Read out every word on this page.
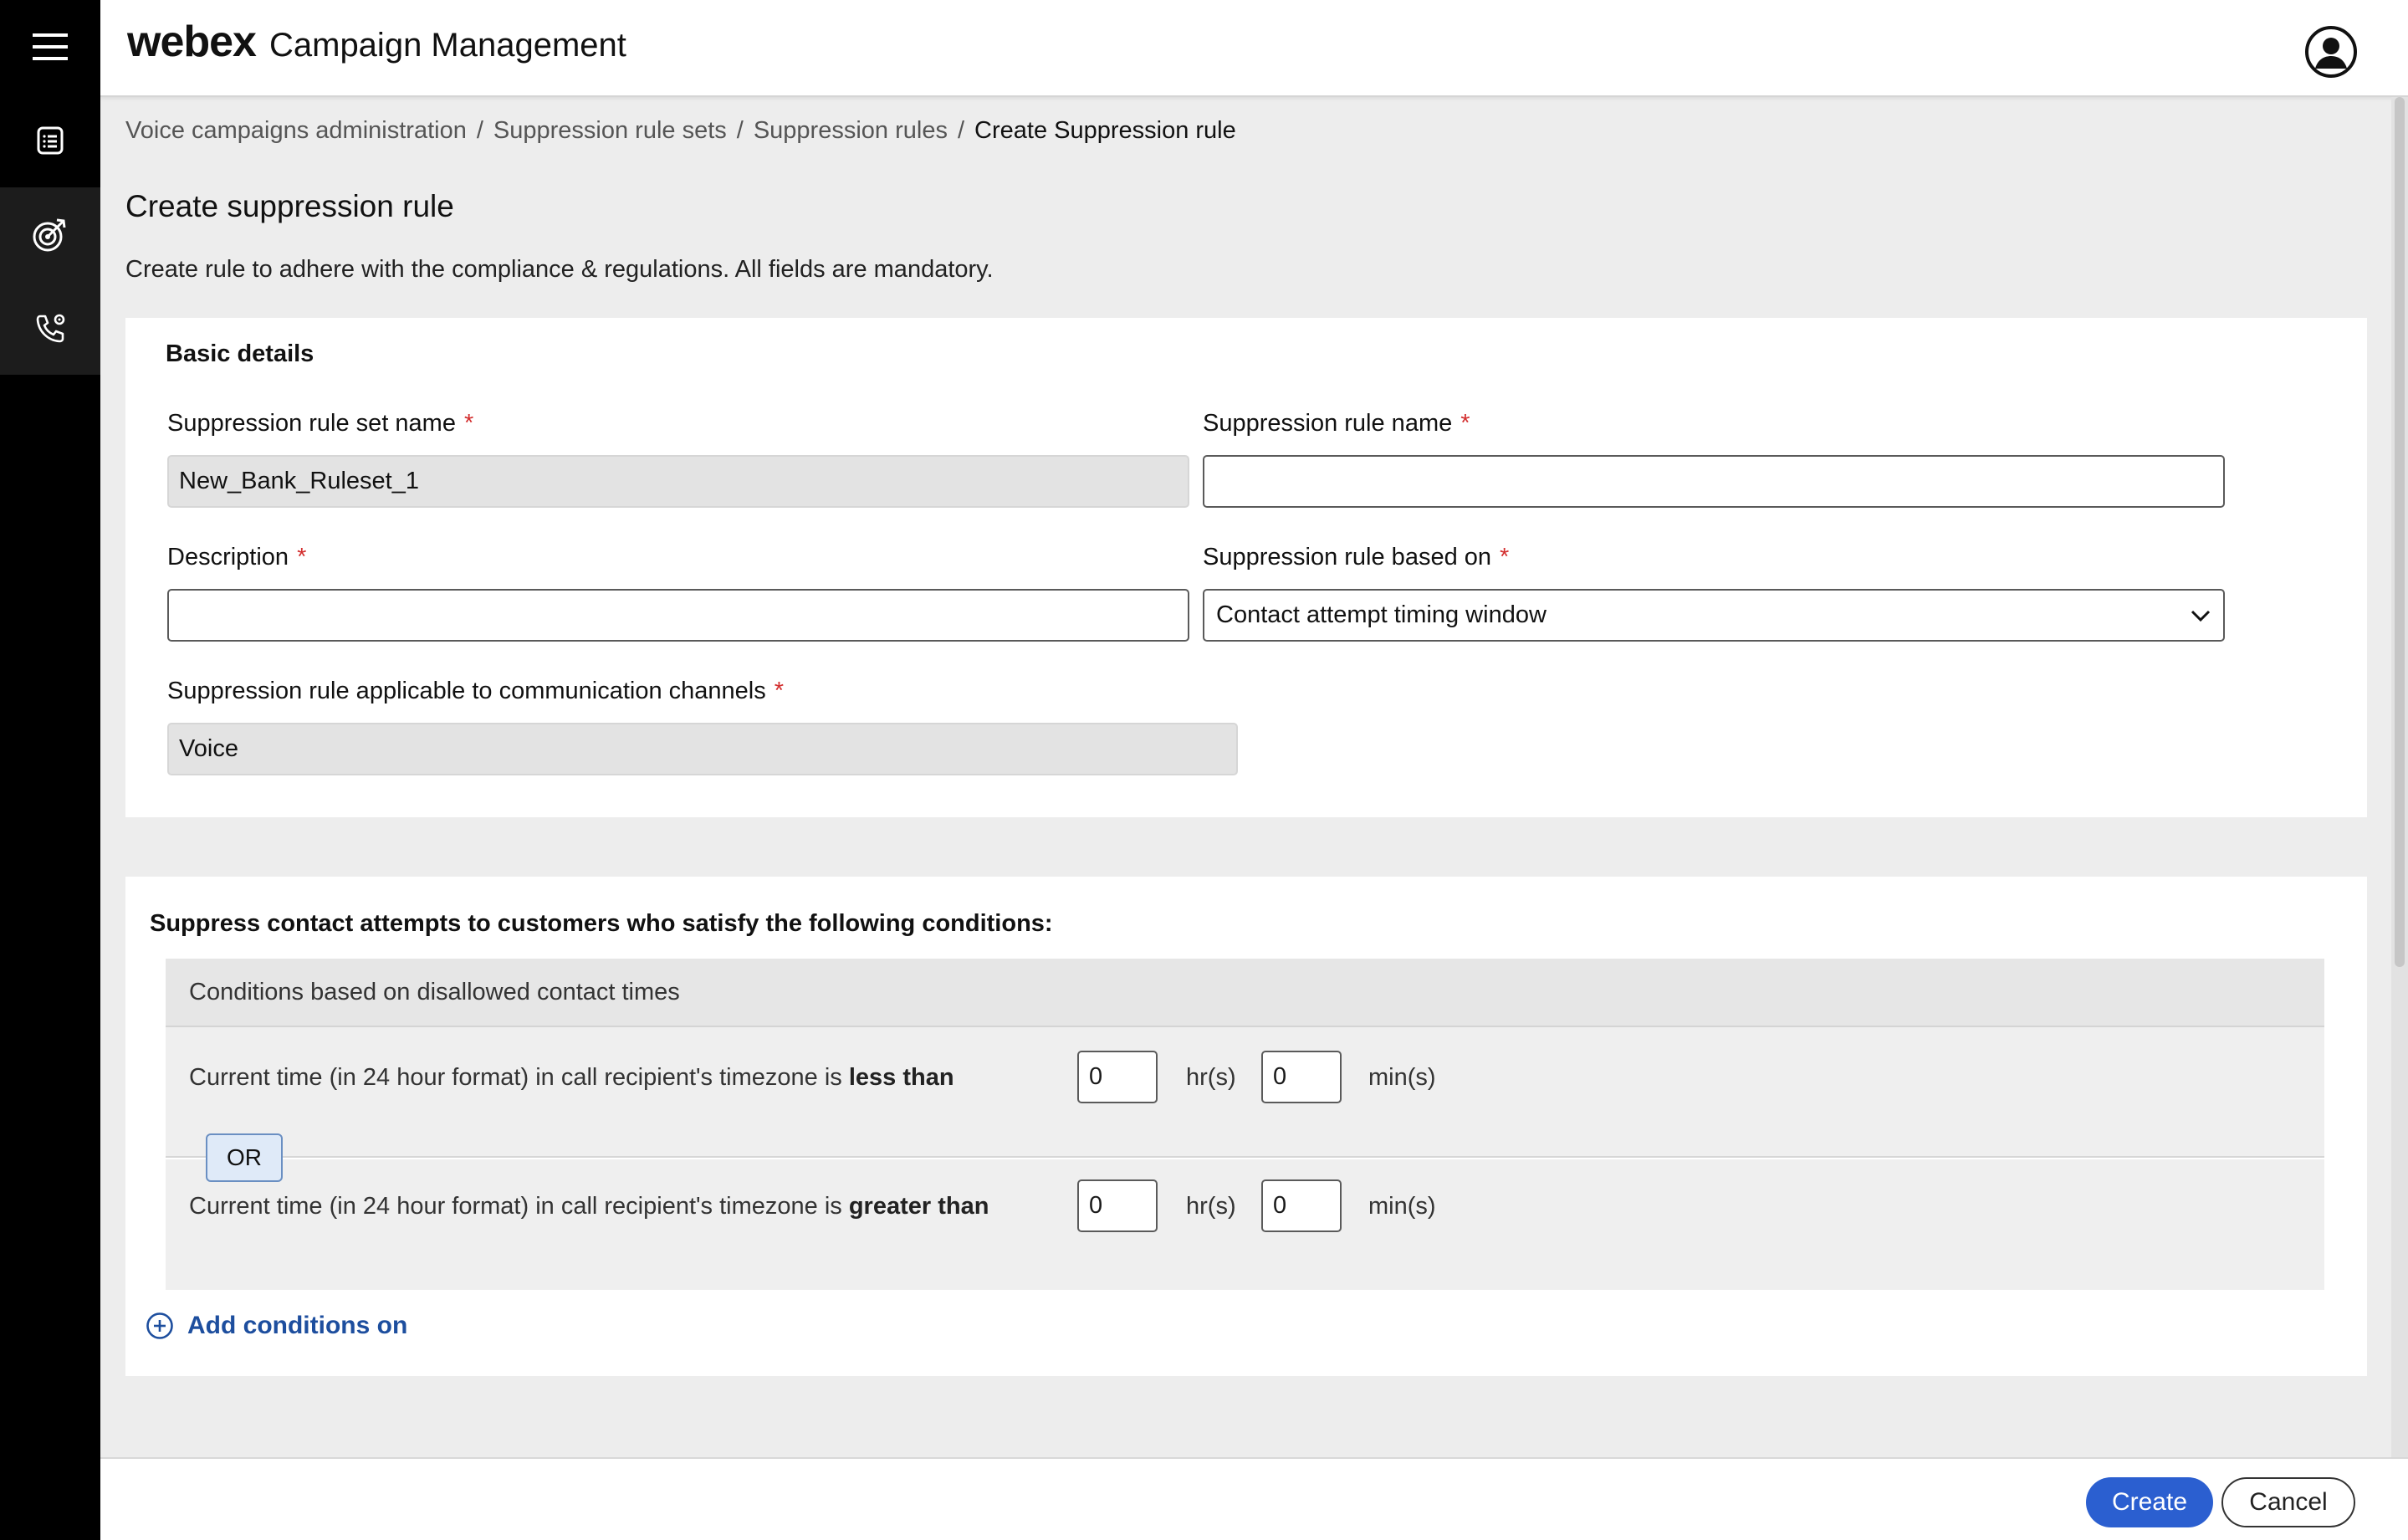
webex Campaign Management
Voice campaigns administration / Suppression rule sets / Suppression rules / Create Suppression rule
Create suppression rule
Create rule to adhere with the compliance & regulations. All fields are mandatory.
Basic details
Suppression rule set name *
New_Bank_Ruleset_1
Suppression rule name *
Description *	Suppression rule based on *
Contact attempt timing window
Suppression rule applicable to communication channels *
Voice
Suppress contact attempts to customers who satisfy the following conditions:
Conditions based on disallowed contact times
Current time (in 24 hour format) in call recipient's timezone is less than	0	hr(s) 0	min(s)
Current time (in 24 hour format) in call recipient's timezone is greater than	0	hr(s) 0	min(s)
OR
Add conditions on
Create	Cancel
